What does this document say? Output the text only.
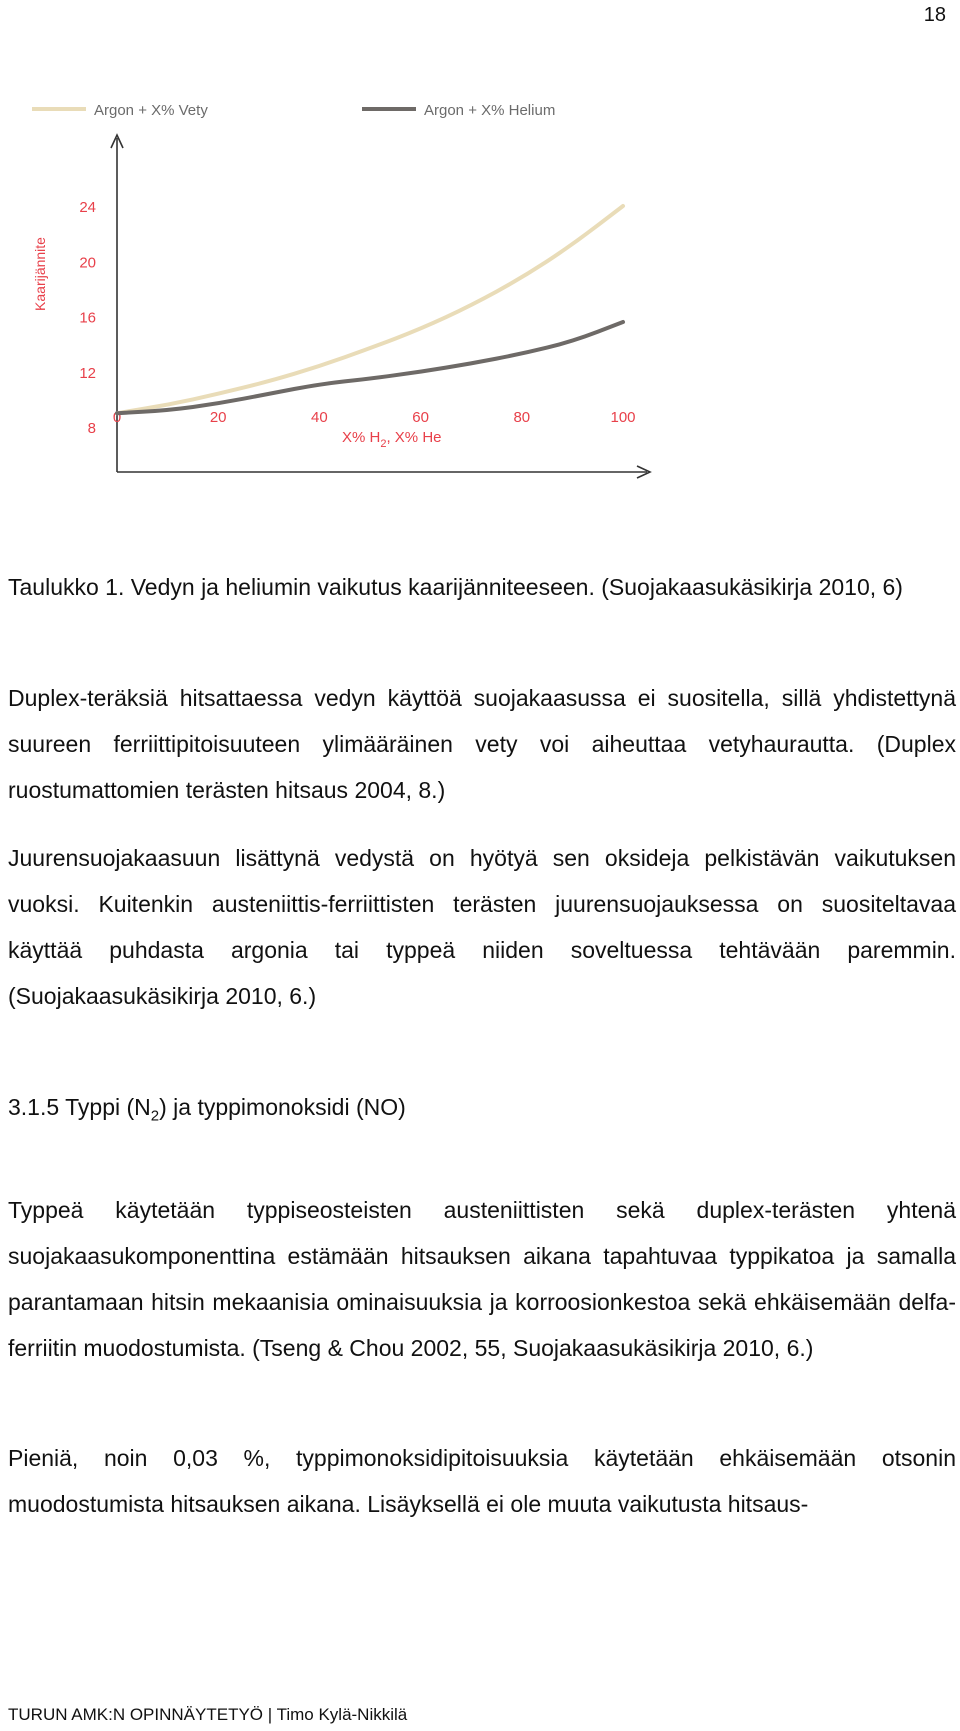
18
Argon + X% Vety	Argon + X% Helium
8
12
16
20
24
0	20	40	60	80	100
Kaarijännite
X% $H_2$, X% He

Taulukko 1. Vedyn ja heliumin vaikutus kaarijänniteeseen. (Suojakaasukäsikirja 2010, 6)

Duplex-teräksiä hitsattaessa vedyn käyttöä suojakaasussa ei suositella, sillä yhdistettynä suureen ferriittipitoisuuteen ylimääräinen vety voi aiheuttaa vetyhaurautta. (Duplex ruostumattomien terästen hitsaus 2004, 8.)

Juurensuojakaasuun lisättynä vedystä on hyötyä sen oksideja pelkistävän vaikutuksen vuoksi. Kuitenkin austeniittis-ferriittisten terästen juurensuojauksessa on suositeltavaa käyttää puhdasta argonia tai typpeä niiden soveltuessa tehtävään paremmin. (Suojakaasukäsikirja 2010, 6.)

3.1.5 Typpi $(N_2)$ ja typpimonoksidi (NO)

Typpeä käytetään typpiseosteisten austeniittisten sekä duplex-terästen yhtenä suojakaasukomponenttina estämään hitsauksen aikana tapahtuvaa typpikatoa ja samalla parantamaan hitsin mekaanisia ominaisuuksia ja korroosionkestoa sekä ehkäisemään delfa-ferriitin muodostumista. (Tseng & Chou 2002, 55, Suojakaasukäsikirja 2010, 6.)

Pieniä, noin 0,03 %, typpimonoksidipitoisuuksia käytetään ehkäisemään otsonin muodostumista hitsauksen aikana. Lisäyksellä ei ole muuta vaikutusta hitsaus-

TURUN AMK:N OPINNÄYTETYÖ | Timo Kylä-Nikkilä
